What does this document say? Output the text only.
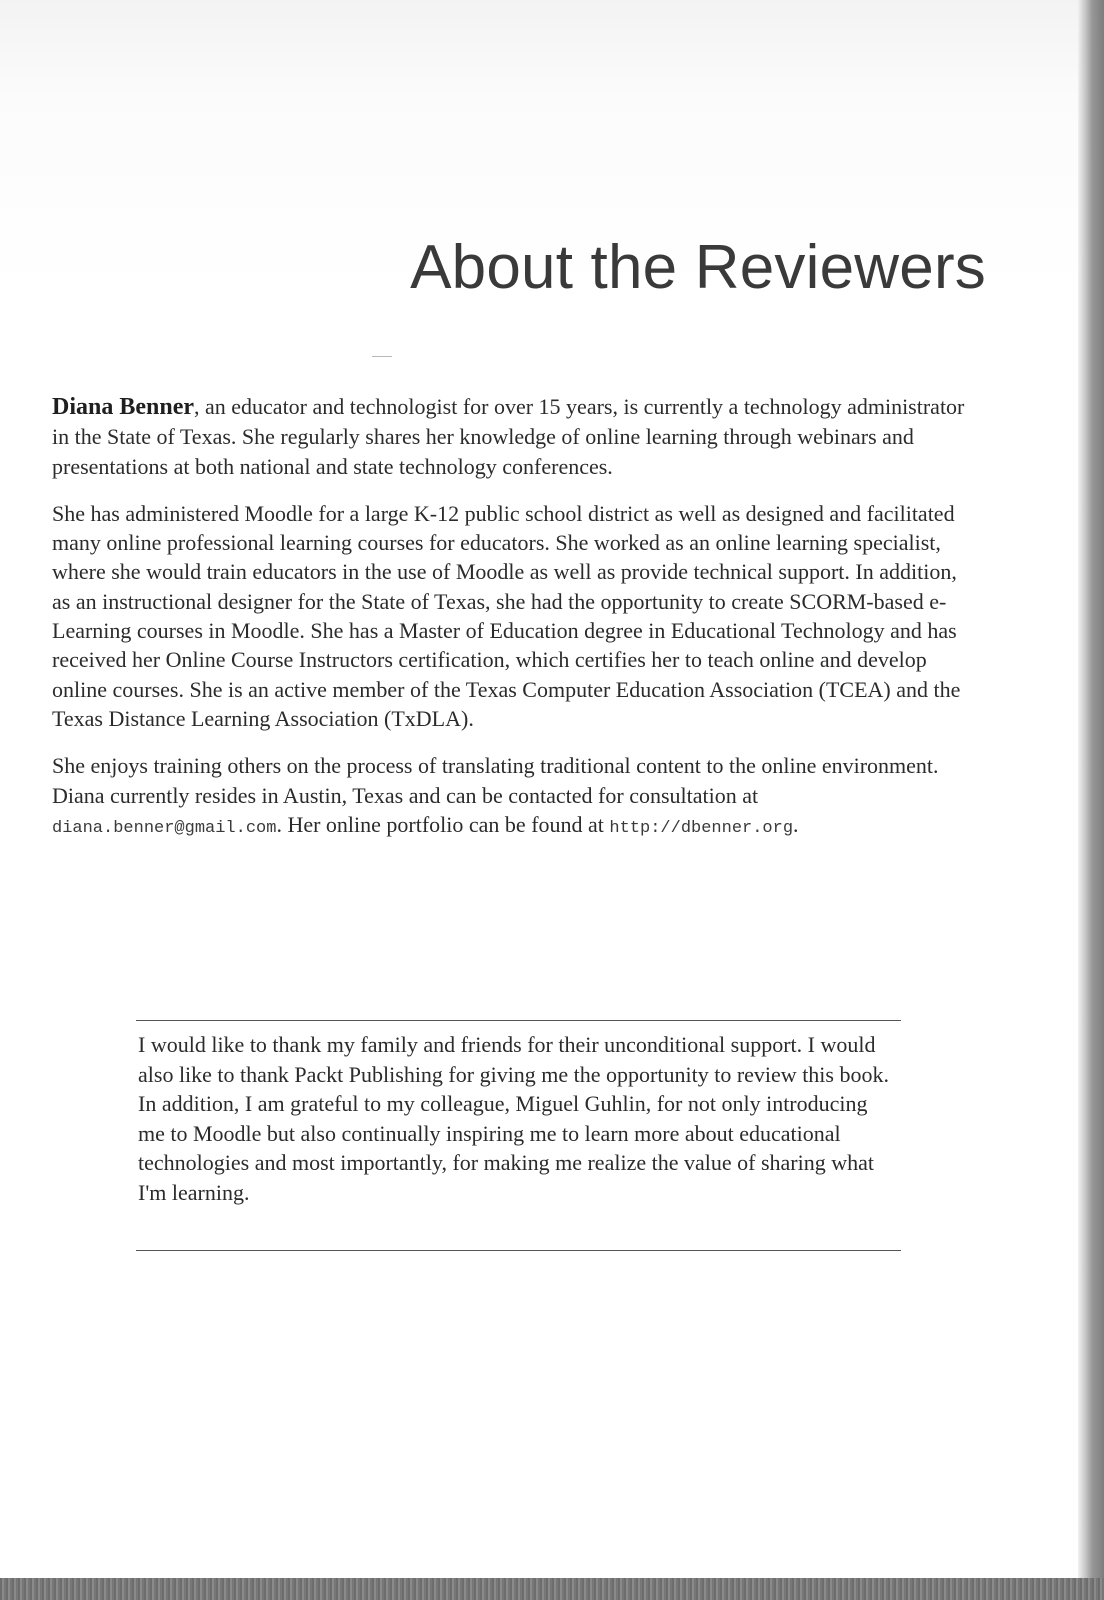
About the Reviewers

Diana Benner, an educator and technologist for over 15 years, is currently a technology administrator in the State of Texas. She regularly shares her knowledge of online learning through webinars and presentations at both national and state technology conferences.

She has administered Moodle for a large K-12 public school district as well as designed and facilitated many online professional learning courses for educators. She worked as an online learning specialist, where she would train educators in the use of Moodle as well as provide technical support. In addition, as an instructional designer for the State of Texas, she had the opportunity to create SCORM-based e-Learning courses in Moodle. She has a Master of Education degree in Educational Technology and has received her Online Course Instructors certification, which certifies her to teach online and develop online courses. She is an active member of the Texas Computer Education Association (TCEA) and the Texas Distance Learning Association (TxDLA).

She enjoys training others on the process of translating traditional content to the online environment. Diana currently resides in Austin, Texas and can be contacted for consultation at diana.benner@gmail.com. Her online portfolio can be found at http://dbenner.org.

I would like to thank my family and friends for their unconditional support. I would also like to thank Packt Publishing for giving me the opportunity to review this book. In addition, I am grateful to my colleague, Miguel Guhlin, for not only introducing me to Moodle but also continually inspiring me to learn more about educational technologies and most importantly, for making me realize the value of sharing what I'm learning.
